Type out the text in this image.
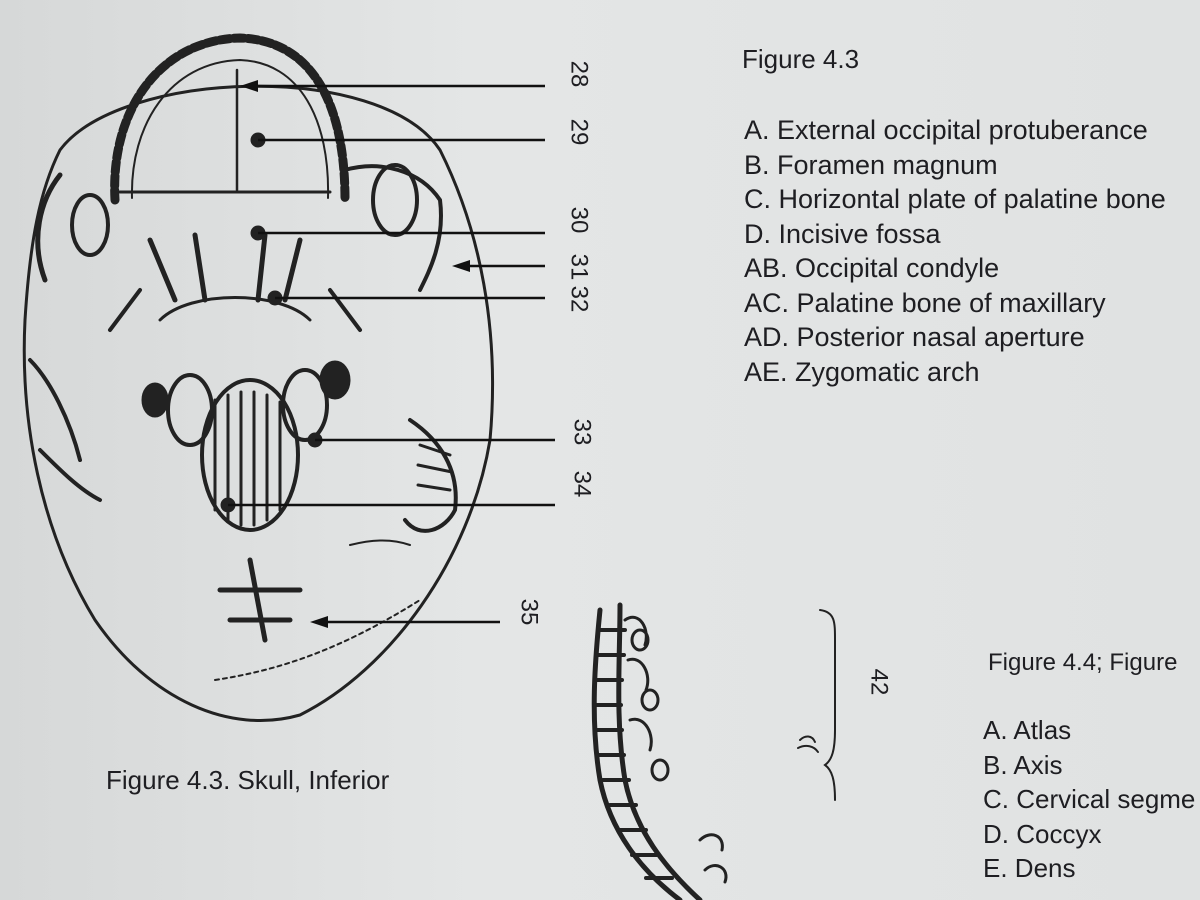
Figure 4.3
A. External occipital protuberance
B. Foramen magnum
C. Horizontal plate of palatine bone
D. Incisive fossa
AB. Occipital condyle
AC. Palatine bone of maxillary
AD. Posterior nasal aperture
AE. Zygomatic arch
28
29
30
31
32
33
34
35
Figure 4.3. Skull, Inferior
42
Figure 4.4; Figure
A. Atlas
B. Axis
C. Cervical segme
D. Coccyx
E. Dens
